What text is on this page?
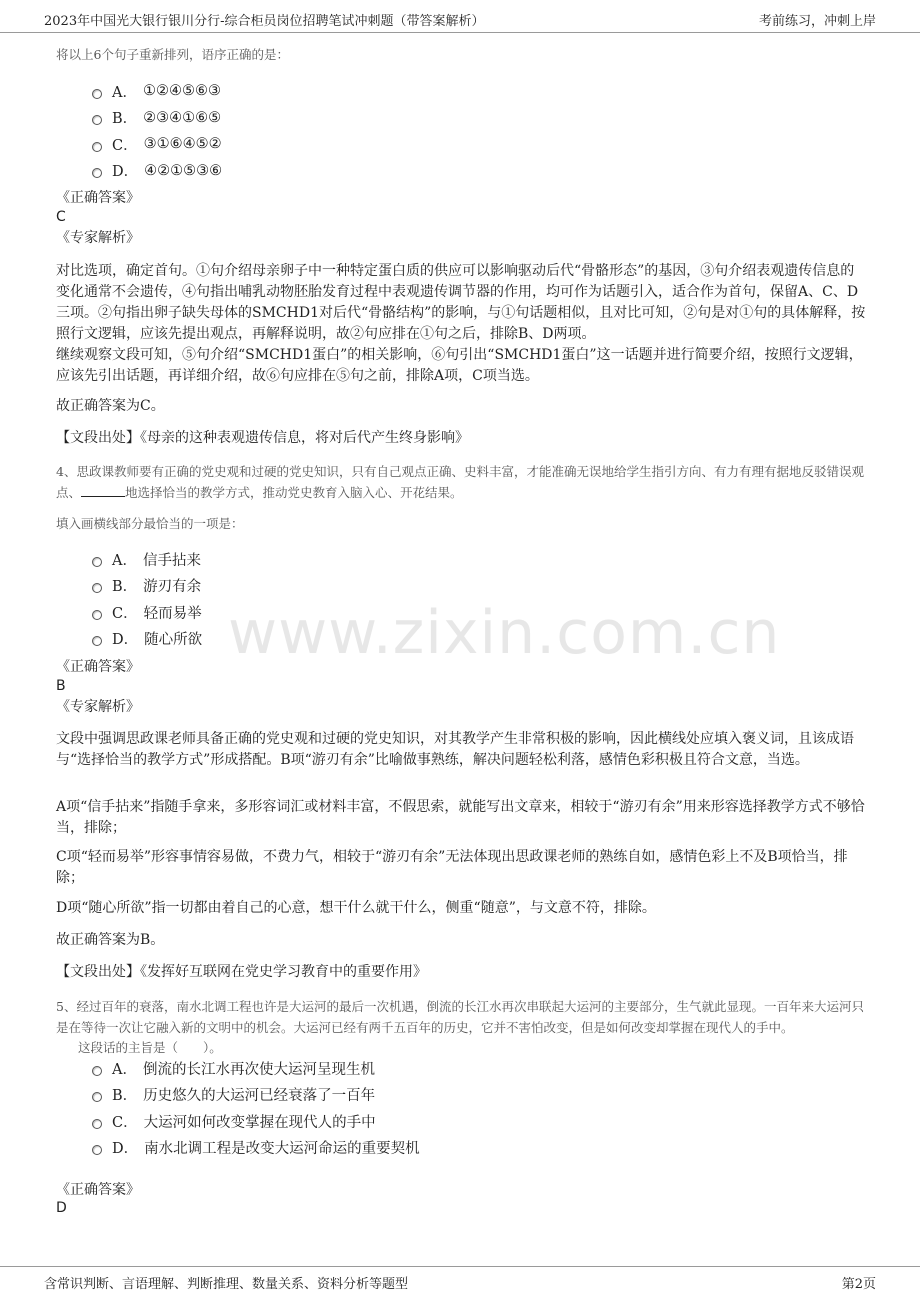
2023年中国光大银行银川分行-综合柜员岗位招聘笔试冲刺题（带答案解析）	考前练习，冲刺上岸
将以上6个句子重新排列，语序正确的是：
A． ①②④⑤⑥③
B． ②③④①⑥⑤
C． ③①⑥④⑤②
D． ④②①⑤③⑥
《正确答案》
C
《专家解析》
对比选项，确定首句。①句介绍母亲卵子中一种特定蛋白质的供应可以影响驱动后代“骨骼形态”的基因，③句介绍表观遗传信息的变化通常不会遗传，④句指出哺乳动物胚胎发育过程中表观遗传调节器的作用，均可作为话题引入，适合作为首句，保留A、C、D三项。②句指出卵子缺失母体的SMCHD1对后代“骨骼结构”的影响，与①句话题相似，且对比可知，②句是对①句的具体解释，按照行文逻辑，应该先提出观点，再解释说明，故②句应排在①句之后，排除B、D两项。
继续观察文段可知，⑤句介绍“SMCHD1蛋白”的相关影响，⑥句引出“SMCHD1蛋白”这一话题并进行简要介绍，按照行文逻辑，应该先引出话题，再详细介绍，故⑥句应排在⑤句之前，排除A项，C项当选。
故正确答案为C。
【文段出处】《母亲的这种表观遗传信息，将对后代产生终身影响》
4、思政课教师要有正确的党史观和过硬的党史知识，只有自己观点正确、史料丰富，才能准确无误地给学生指引方向、有力有理有据地反驳错误观点、	地选择恰当的教学方式，推动党史教育入脑入心、开花结果。
填入画横线部分最恰当的一项是：
A． 信手拈来
B． 游刃有余
C． 轻而易举
D． 随心所欲
《正确答案》
B
《专家解析》
文段中强调思政课老师具备正确的党史观和过硬的党史知识，对其教学产生非常积极的影响，因此横线处应填入褒义词，且该成语与“选择恰当的教学方式”形成搭配。B项“游刃有余”比喻做事熟练，解决问题轻松利落，感情色彩积极且符合文意，当选。
A项“信手拈来”指随手拿来，多形容词汇或材料丰富，不假思索，就能写出文章来，相较于“游刃有余”用来形容选择教学方式不够恰当，排除；
C项“轻而易举”形容事情容易做，不费力气，相较于“游刃有余”无法体现出思政课老师的熟练自如，感情色彩上不及B项恰当，排除；
D项“随心所欲”指一切都由着自己的心意，想干什么就干什么，侧重“随意”，与文意不符，排除。
故正确答案为B。
【文段出处】《发挥好互联网在党史学习教育中的重要作用》
5、经过百年的衰落，南水北调工程也许是大运河的最后一次机遇，倒流的长江水再次串联起大运河的主要部分，生气就此显现。一百年来大运河只是在等待一次让它融入新的文明中的机会。大运河已经有两千五百年的历史，它并不害怕改变，但是如何改变却掌握在现代人的手中。
这段话的主旨是（　　）。
A． 倒流的长江水再次使大运河呈现生机
B． 历史悠久的大运河已经衰落了一百年
C． 大运河如何改变掌握在现代人的手中
D． 南水北调工程是改变大运河命运的重要契机
《正确答案》
D
www.zixin.com.cn
含常识判断、言语理解、判断推理、数量关系、资料分析等题型	第2页
